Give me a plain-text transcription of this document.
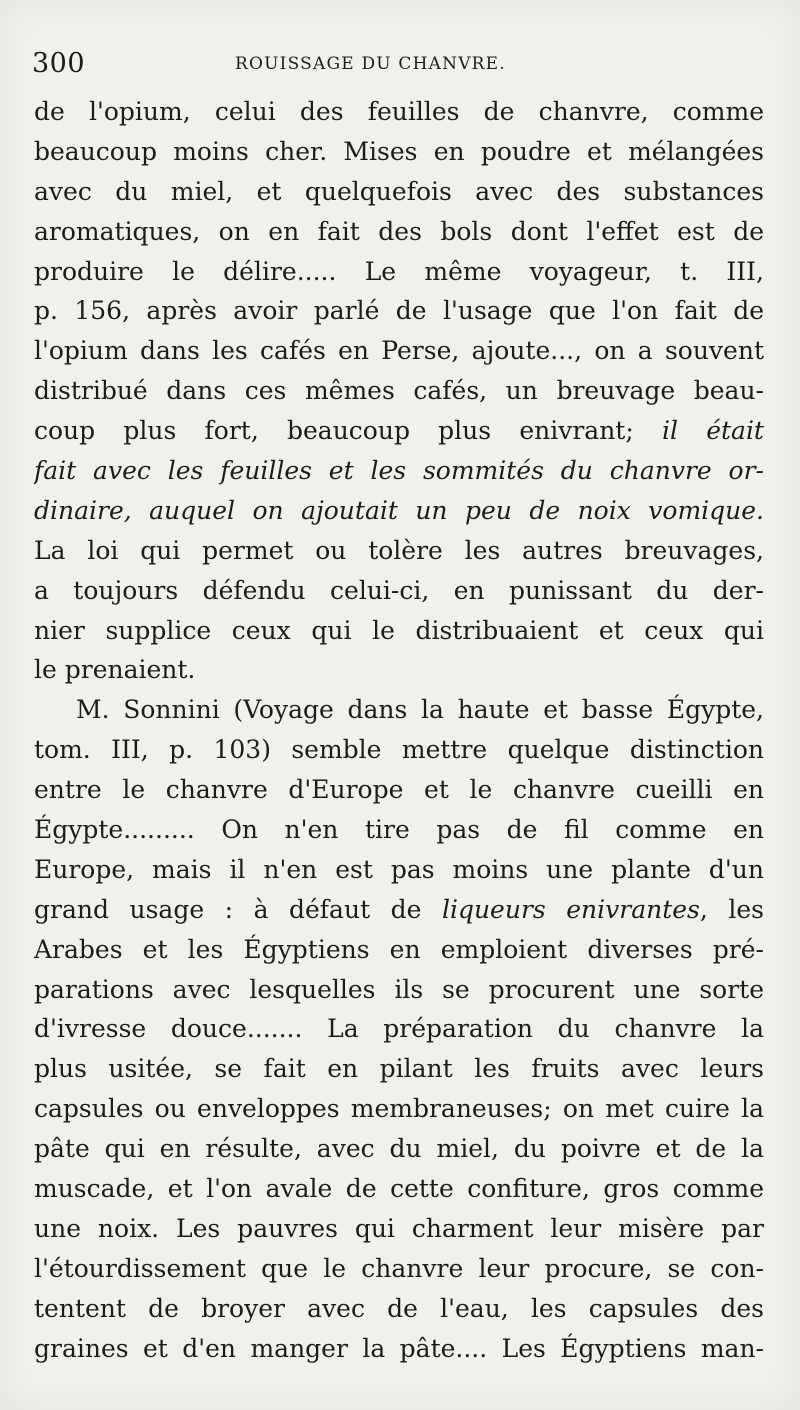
300	ROUISSAGE DU CHANVRE.
de l'opium, celui des feuilles de chanvre, comme
beaucoup moins cher. Mises en poudre et mélangées
avec du miel, et quelquefois avec des substances
aromatiques, on en fait des bols dont l'effet est de
produire le délire..... Le même voyageur, t. III,
p. 156, après avoir parlé de l'usage que l'on fait de
l'opium dans les cafés en Perse, ajoute..., on a souvent
distribué dans ces mêmes cafés, un breuvage beau-
coup plus fort, beaucoup plus enivrant; il était
fait avec les feuilles et les sommités du chanvre or-
dinaire, auquel on ajoutait un peu de noix vomique.
La loi qui permet ou tolère les autres breuvages,
a toujours défendu celui-ci, en punissant du der-
nier supplice ceux qui le distribuaient et ceux qui
le prenaient.
M. Sonnini (Voyage dans la haute et basse Égypte,
tom. III, p. 103) semble mettre quelque distinction
entre le chanvre d'Europe et le chanvre cueilli en
Égypte......... On n'en tire pas de fil comme en
Europe, mais il n'en est pas moins une plante d'un
grand usage : à défaut de liqueurs enivrantes, les
Arabes et les Égyptiens en emploient diverses pré-
parations avec lesquelles ils se procurent une sorte
d'ivresse douce....... La préparation du chanvre la
plus usitée, se fait en pilant les fruits avec leurs
capsules ou enveloppes membraneuses; on met cuire la
pâte qui en résulte, avec du miel, du poivre et de la
muscade, et l'on avale de cette confiture, gros comme
une noix. Les pauvres qui charment leur misère par
l'étourdissement que le chanvre leur procure, se con-
tentent de broyer avec de l'eau, les capsules des
graines et d'en manger la pâte.... Les Égyptiens man-
